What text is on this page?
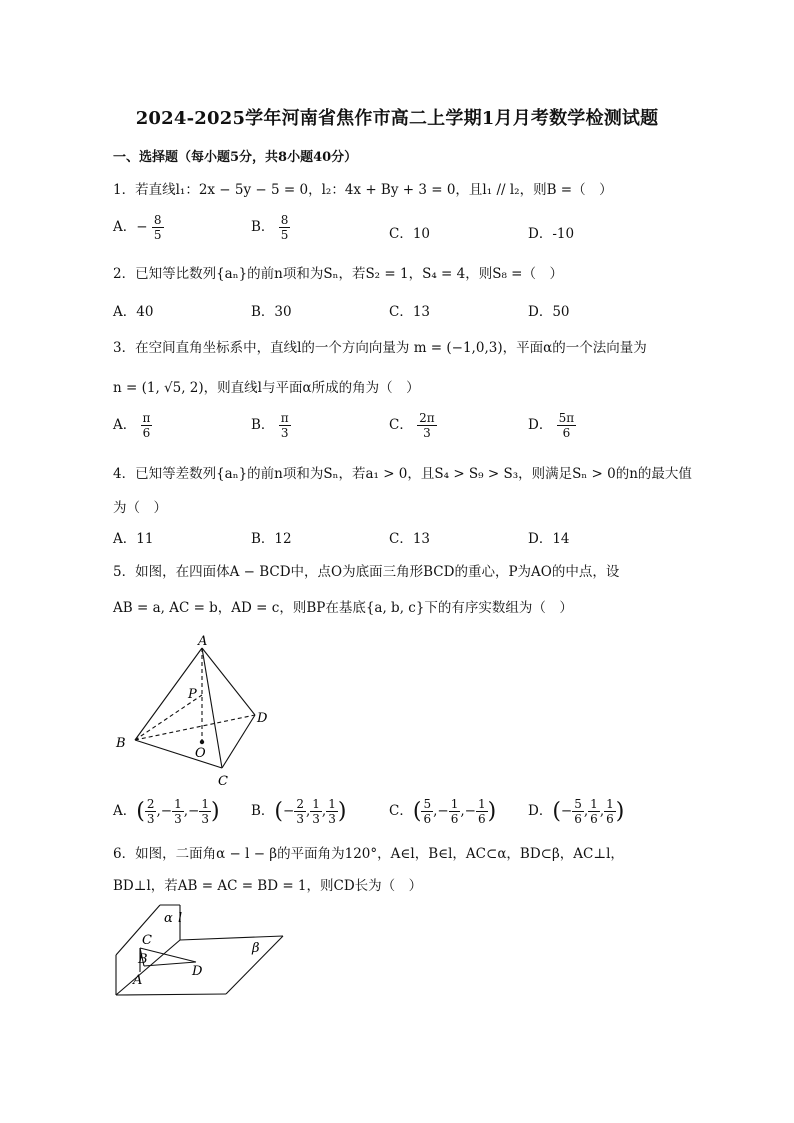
2024-2025学年河南省焦作市高二上学期1月月考数学检测试题
一、选择题（每小题5分，共8小题40分）
1．若直线l₁：2x − 5y − 5 = 0，l₂：4x + By + 3 = 0，且l₁ // l₂，则B =（　）
A．− $\frac{8}{5}$	B． $\frac{8}{5}$	C．10	D．-10
2．已知等比数列{aₙ}的前n项和为Sₙ，若S₂ = 1，S₄ = 4，则S₈ =（　）
A．40	B．30	C．13	D．50
3．在空间直角坐标系中，直线l的一个方向向量为 m = (−1,0,3)，平面α的一个法向量为
n = (1, √5, 2)，则直线l与平面α所成的角为（　）
A． $\frac{\pi}{6}$	B． $\frac{\pi}{3}$	C． $\frac{2\pi}{3}$	D． $\frac{5\pi}{6}$
4．已知等差数列{aₙ}的前n项和为Sₙ，若a₁ > 0，且S₄ > S₉ > S₃，则满足Sₙ > 0的n的最大值
为（　）
A．11	B．12	C．13	D．14
5．如图，在四面体A − BCD中，点O为底面三角形BCD的重心，P为AO的中点，设
AB = a, AC = b，AD = c，则BP在基底{a, b, c}下的有序实数组为（　）
A
P
D
B
O
C
A．( $\frac{2}{3}$ ,− $\frac{1}{3}$ ,− $\frac{1}{3}$ ) B．(− $\frac{2}{3}$ , $\frac{1}{3}$ , $\frac{1}{3}$ )	C．( $\frac{5}{6}$ ,− $\frac{1}{6}$ ,− $\frac{1}{6}$ ) D．(− $\frac{5}{6}$ , $\frac{1}{6}$ , $\frac{1}{6}$ )
6．如图，二面角α − l − β的平面角为120°，A∈l，B∈l，AC⊂α，BD⊂β，AC⊥l，
BD⊥l，若AB = AC = BD = 1，则CD长为（　）
α l
β
C
B
D
A
